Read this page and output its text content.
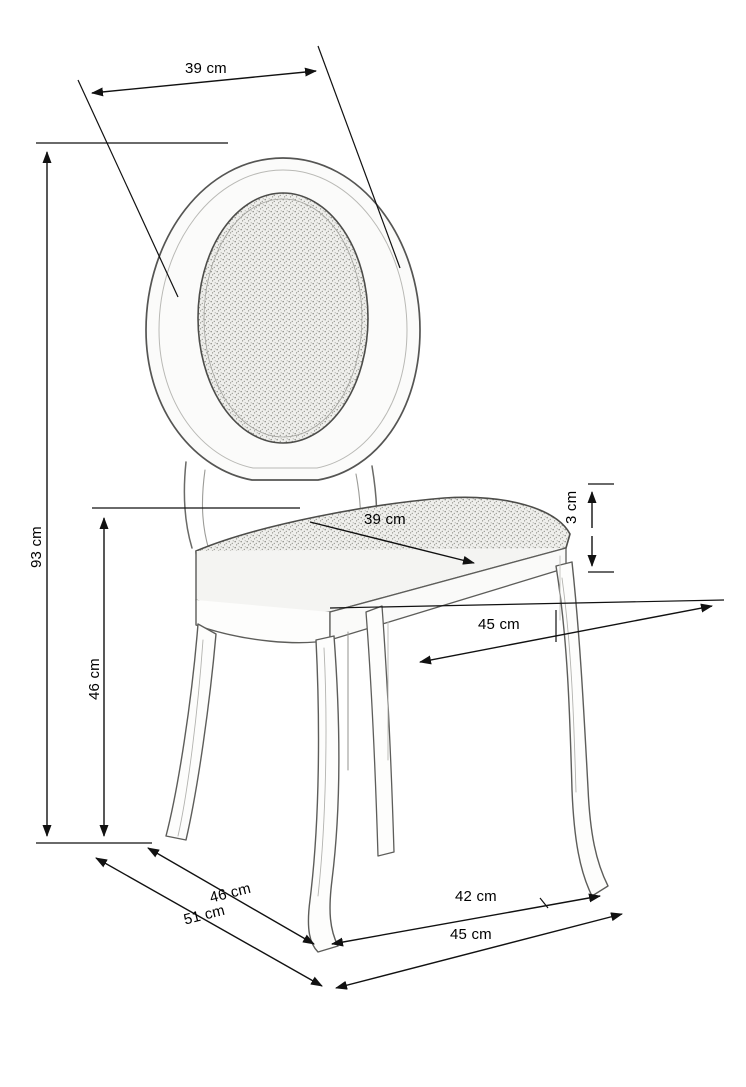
39 cm
93 cm
46 cm
39 cm	3 cm
45 cm
46 cm
51 cm
42 cm
45 cm
